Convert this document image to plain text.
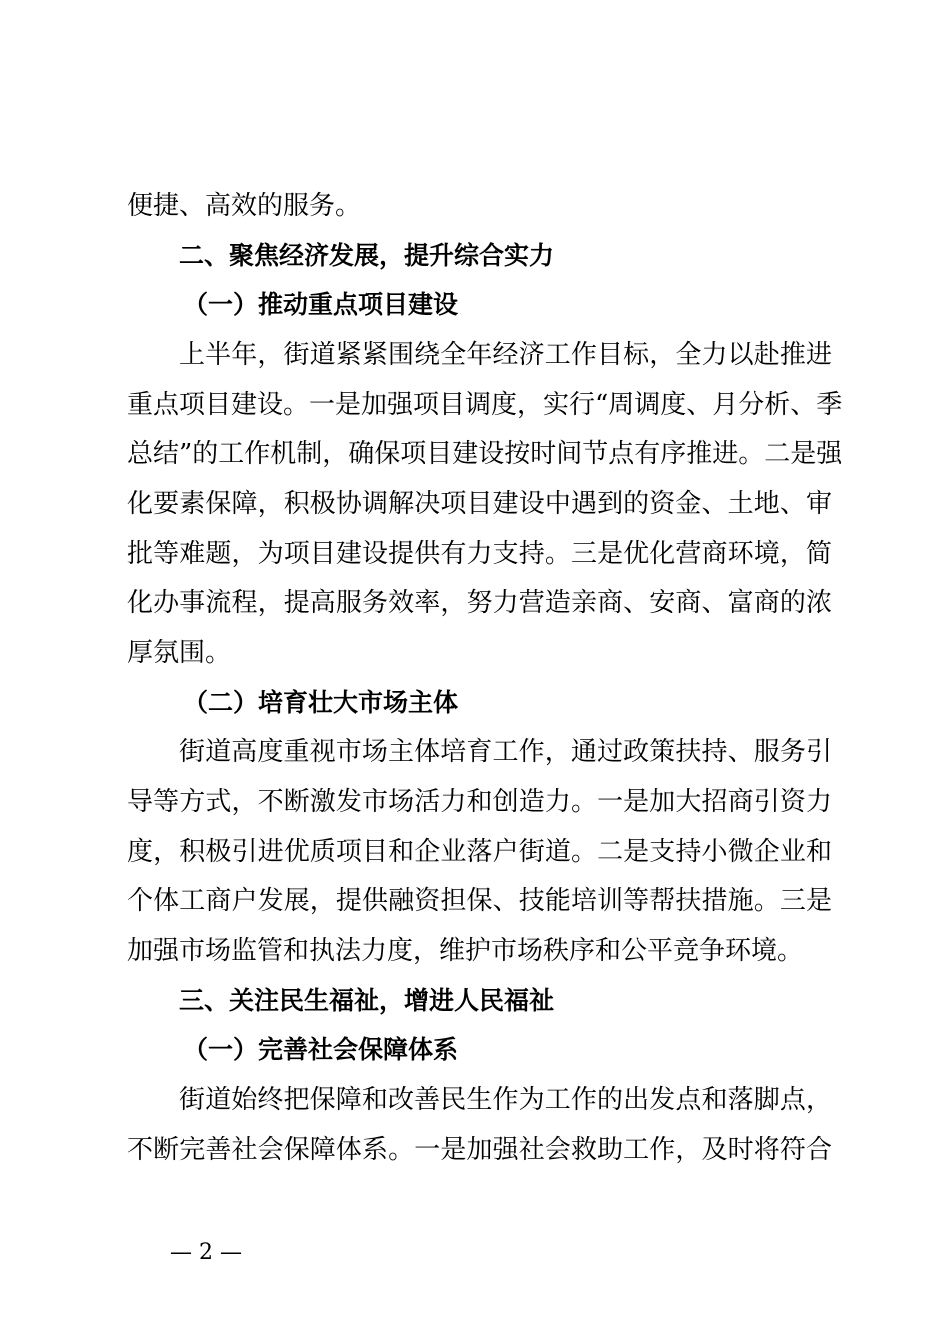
便捷、高效的服务。
二、聚焦经济发展，提升综合实力
（一）推动重点项目建设
上半年，街道紧紧围绕全年经济工作目标，全力以赴推进
重点项目建设。一是加强项目调度，实行“周调度、月分析、季
总结”的工作机制，确保项目建设按时间节点有序推进。二是强
化要素保障，积极协调解决项目建设中遇到的资金、土地、审
批等难题，为项目建设提供有力支持。三是优化营商环境，简
化办事流程，提高服务效率，努力营造亲商、安商、富商的浓
厚氛围。
（二）培育壮大市场主体
街道高度重视市场主体培育工作，通过政策扶持、服务引
导等方式，不断激发市场活力和创造力。一是加大招商引资力
度，积极引进优质项目和企业落户街道。二是支持小微企业和
个体工商户发展，提供融资担保、技能培训等帮扶措施。三是
加强市场监管和执法力度，维护市场秩序和公平竞争环境。
三、关注民生福祉，增进人民福祉
（一）完善社会保障体系
街道始终把保障和改善民生作为工作的出发点和落脚点，
不断完善社会保障体系。一是加强社会救助工作，及时将符合
— 2 —
